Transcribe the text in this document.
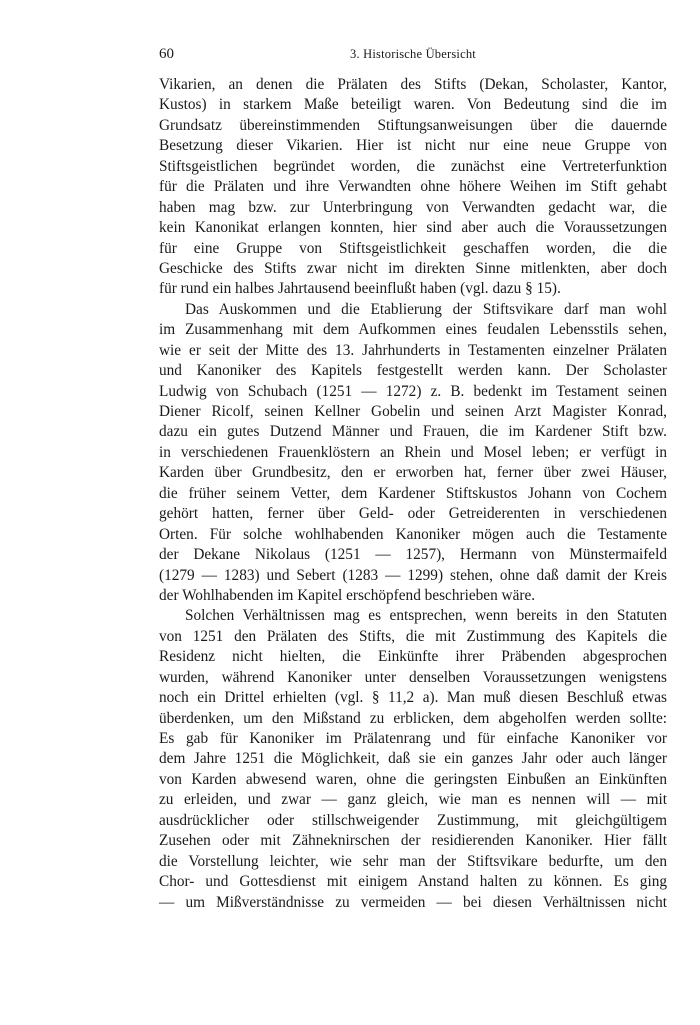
60	3. Historische Übersicht
Vikarien, an denen die Prälaten des Stifts (Dekan, Scholaster, Kantor,
Kustos) in starkem Maße beteiligt waren. Von Bedeutung sind die im
Grundsatz übereinstimmenden Stiftungsanweisungen über die dauernde
Besetzung dieser Vikarien. Hier ist nicht nur eine neue Gruppe von
Stiftsgeistlichen begründet worden, die zunächst eine Vertreterfunktion
für die Prälaten und ihre Verwandten ohne höhere Weihen im Stift gehabt
haben mag bzw. zur Unterbringung von Verwandten gedacht war, die
kein Kanonikat erlangen konnten, hier sind aber auch die Voraussetzungen
für eine Gruppe von Stiftsgeistlichkeit geschaffen worden, die die
Geschicke des Stifts zwar nicht im direkten Sinne mitlenkten, aber doch
für rund ein halbes Jahrtausend beeinflußt haben (vgl. dazu § 15).
Das Auskommen und die Etablierung der Stiftsvikare darf man wohl
im Zusammenhang mit dem Aufkommen eines feudalen Lebensstils sehen,
wie er seit der Mitte des 13. Jahrhunderts in Testamenten einzelner Prälaten
und Kanoniker des Kapitels festgestellt werden kann. Der Scholaster
Ludwig von Schubach (1251 — 1272) z. B. bedenkt im Testament seinen
Diener Ricolf, seinen Kellner Gobelin und seinen Arzt Magister Konrad,
dazu ein gutes Dutzend Männer und Frauen, die im Kardener Stift bzw.
in verschiedenen Frauenklöstern an Rhein und Mosel leben; er verfügt in
Karden über Grundbesitz, den er erworben hat, ferner über zwei Häuser,
die früher seinem Vetter, dem Kardener Stiftskustos Johann von Cochem
gehört hatten, ferner über Geld- oder Getreiderenten in verschiedenen
Orten. Für solche wohlhabenden Kanoniker mögen auch die Testamente
der Dekane Nikolaus (1251 — 1257), Hermann von Münstermaifeld
(1279 — 1283) und Sebert (1283 — 1299) stehen, ohne daß damit der Kreis
der Wohlhabenden im Kapitel erschöpfend beschrieben wäre.
Solchen Verhältnissen mag es entsprechen, wenn bereits in den Statuten
von 1251 den Prälaten des Stifts, die mit Zustimmung des Kapitels die
Residenz nicht hielten, die Einkünfte ihrer Präbenden abgesprochen
wurden, während Kanoniker unter denselben Voraussetzungen wenigstens
noch ein Drittel erhielten (vgl. § 11,2 a). Man muß diesen Beschluß etwas
überdenken, um den Mißstand zu erblicken, dem abgeholfen werden sollte:
Es gab für Kanoniker im Prälatenrang und für einfache Kanoniker vor
dem Jahre 1251 die Möglichkeit, daß sie ein ganzes Jahr oder auch länger
von Karden abwesend waren, ohne die geringsten Einbußen an Einkünften
zu erleiden, und zwar — ganz gleich, wie man es nennen will — mit
ausdrücklicher oder stillschweigender Zustimmung, mit gleichgültigem
Zusehen oder mit Zähneknirschen der residierenden Kanoniker. Hier fällt
die Vorstellung leichter, wie sehr man der Stiftsvikare bedurfte, um den
Chor- und Gottesdienst mit einigem Anstand halten zu können. Es ging
— um Mißverständnisse zu vermeiden — bei diesen Verhältnissen nicht
